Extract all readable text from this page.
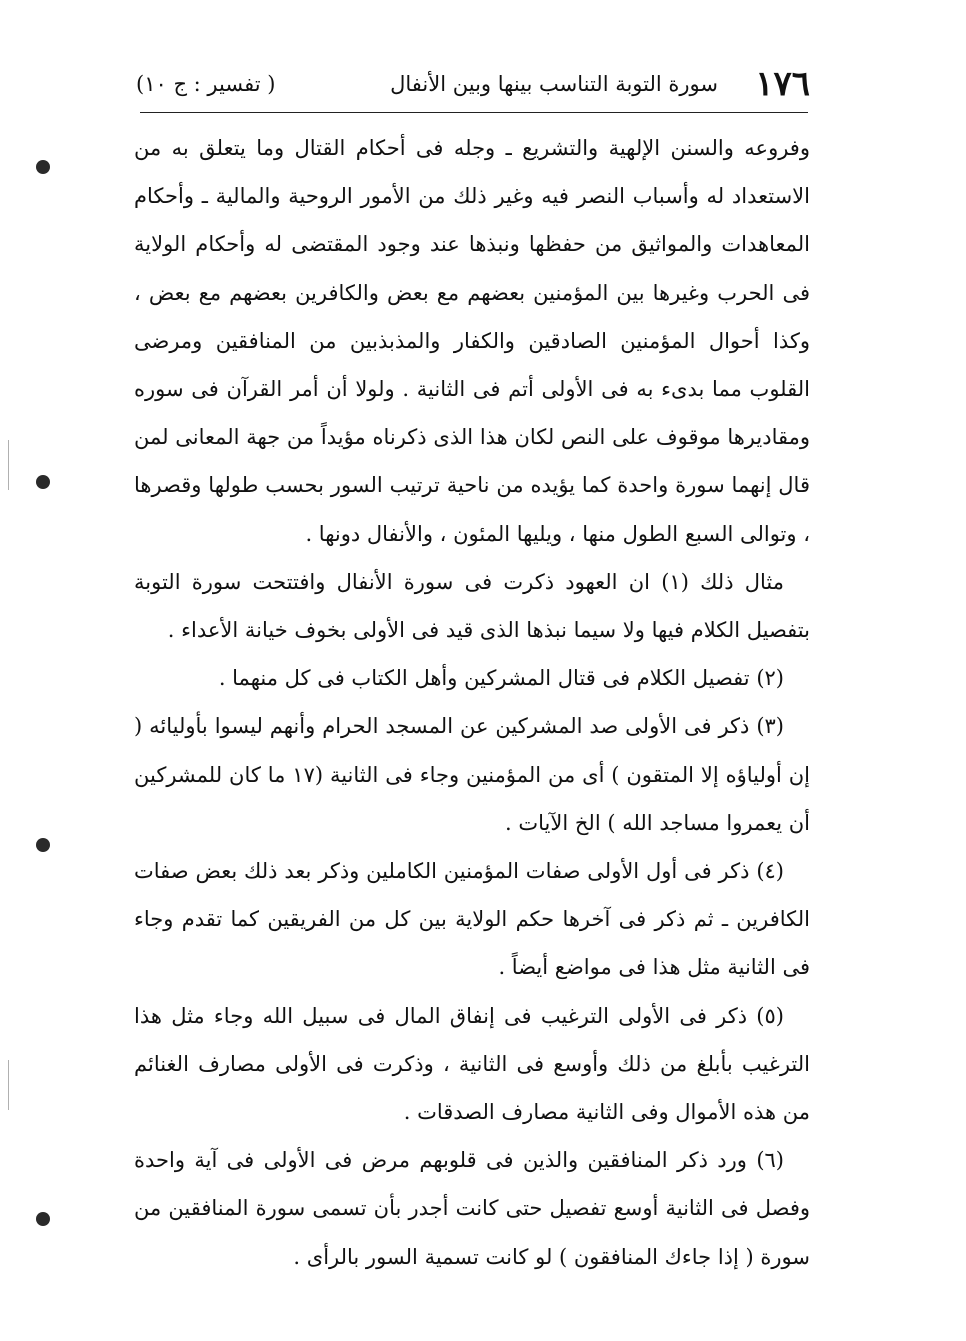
١٧٦
سورة التوبة التناسب بينها وبين الأنفال
( تفسير : ج ١٠)

وفروعه والسنن الإلهية والتشريع ـ وجله فى أحكام القتال وما يتعلق به من الاستعداد له وأسباب النصر فيه وغير ذلك من الأمور الروحية والمالية ـ وأحكام المعاهدات والمواثيق من حفظها ونبذها عند وجود المقتضى له وأحكام الولاية فى الحرب وغيرها بين المؤمنين بعضهم مع بعض والكافرين بعضهم مع بعض ، وكذا أحوال المؤمنين الصادقين والكفار والمذبذبين من المنافقين ومرضى القلوب مما بدىء به فى الأولى أتم فى الثانية . ولولا أن أمر القرآن فى سوره ومقاديرها موقوف على النص لكان هذا الذى ذكرناه مؤيداً من جهة المعانى لمن قال إنهما سورة واحدة كما يؤيده من ناحية ترتيب السور بحسب طولها وقصرها ، وتوالى السبع الطول منها ، ويليها المئون ، والأنفال دونها .

مثال ذلك (١) ان العهود ذكرت فى سورة الأنفال وافتتحت سورة التوبة بتفصيل الكلام فيها ولا سيما نبذها الذى قيد فى الأولى بخوف خيانة الأعداء .

(٢) تفصيل الكلام فى قتال المشركين وأهل الكتاب فى كل منهما .

(٣) ذكر فى الأولى صد المشركين عن المسجد الحرام وأنهم ليسوا بأوليائه ( إن أولياؤه إلا المتقون ) أى من المؤمنين وجاء فى الثانية (١٧ ما كان للمشركين أن يعمروا مساجد الله ) الخ الآيات .

(٤) ذكر فى أول الأولى صفات المؤمنين الكاملين وذكر بعد ذلك بعض صفات الكافرين ـ ثم ذكر فى آخرها حكم الولاية بين كل من الفريقين كما تقدم وجاء فى الثانية مثل هذا فى مواضع أيضاً .

(٥) ذكر فى الأولى الترغيب فى إنفاق المال فى سبيل الله وجاء مثل هذا الترغيب بأبلغ من ذلك وأوسع فى الثانية ، وذكرت فى الأولى مصارف الغنائم من هذه الأموال وفى الثانية مصارف الصدقات .

(٦) ورد ذكر المنافقين والذين فى قلوبهم مرض فى الأولى فى آية واحدة وفصل فى الثانية أوسع تفصيل حتى كانت أجدر بأن تسمى سورة المنافقين من سورة ( إذا جاءك المنافقون ) لو كانت تسمية السور بالرأى .
